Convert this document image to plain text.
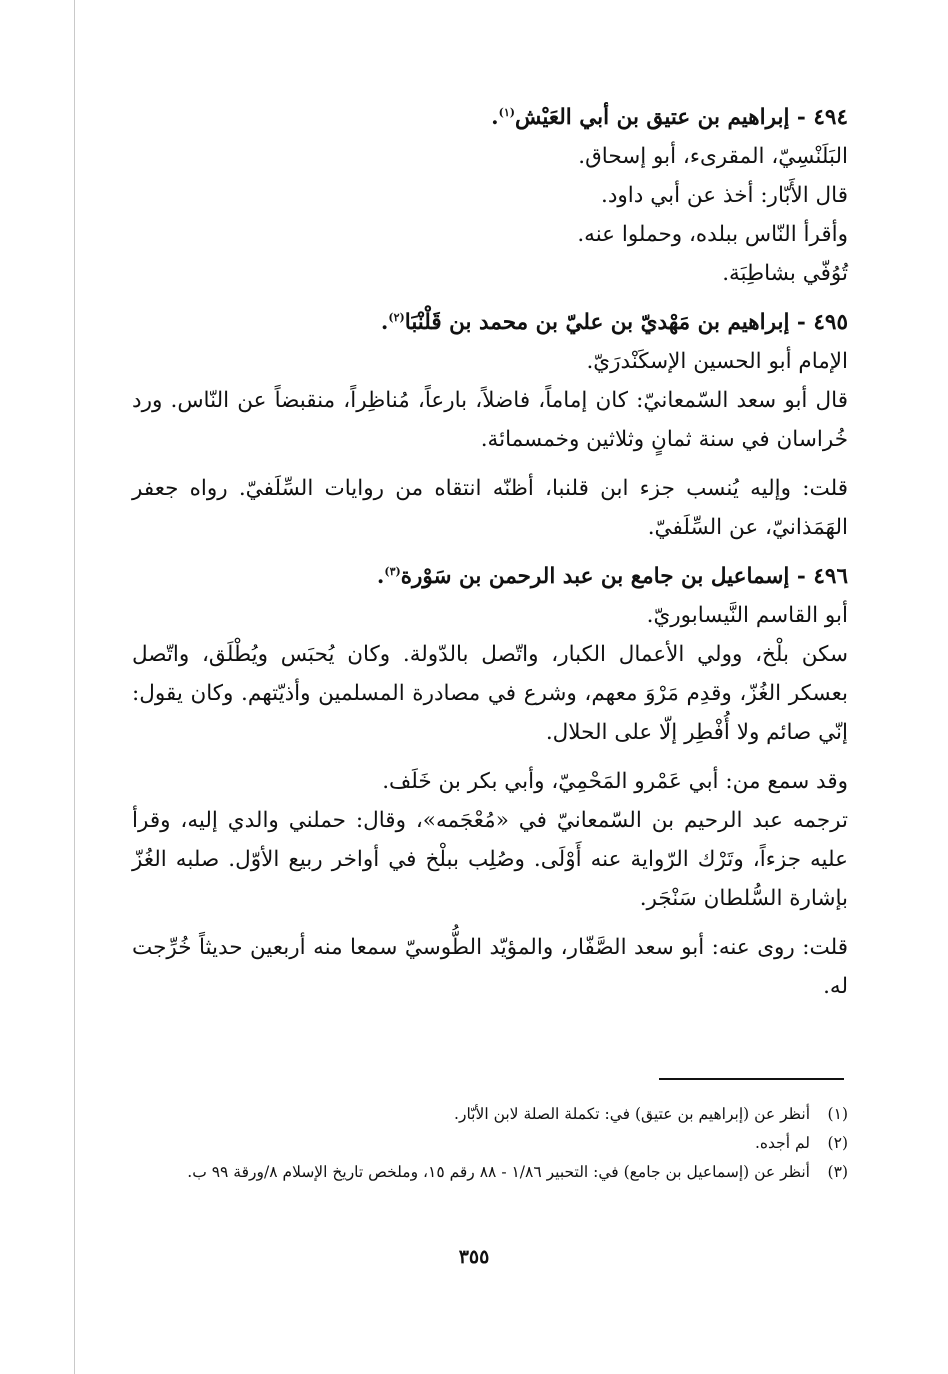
٤٩٤ - إبراهيم بن عتيق بن أبي العَيْش$^{(١)}$.

البَلَنْسِيّ، المقرىء، أبو إسحاق.

قال الأَبّار: أخذ عن أبي داود.

وأقرأ النّاس ببلده، وحملوا عنه.

تُوُفّي بشاطِبَة.

٤٩٥ - إبراهيم بن مَهْديّ بن عليّ بن محمد بن قَلْنْبَا$^{(٢)}$.

الإمام أبو الحسين الإسكَنْدرَيّ.

قال أبو سعد السّمعانيّ: كان إماماً، فاضلاً، بارعاً، مُناظِراً، منقبضاً عن النّاس. ورد خُراسان في سنة ثمانٍ وثلاثين وخمسمائة.

قلت: وإليه يُنسب جزء ابن قلنبا، أظنّه انتقاه من روايات السِّلَفيّ. رواه جعفر الهَمَذانيّ، عن السِّلَفيّ.

٤٩٦ - إسماعيل بن جامع بن عبد الرحمن بن سَوْرة$^{(٣)}$.

أبو القاسم النَّيسابوريّ.

سكن بلْخ، وولي الأعمال الكبار، واتّصل بالدّولة. وكان يُحبَس ويُطْلَق، واتّصل بعسكر الغُزّ، وقدِم مَرْوَ معهم، وشرع في مصادرة المسلمين وأذيّتهم. وكان يقول: إنّي صائم ولا أُفْطِر إلّا على الحلال.

وقد سمع من: أبي عَمْرو المَحْمِيّ، وأبي بكر بن خَلَف.

ترجمه عبد الرحيم بن السّمعانيّ في «مُعْجَمه»، وقال: حملني والدي إليه، وقرأ عليه جزءاً، وتَرْك الرّواية عنه أَوْلَى. وصُلِب ببلْخ في أواخر ربيع الأوّل. صلبه الغُزّ بإشارة السُّلطان سَنْجَر.

قلت: روى عنه: أبو سعد الصَّفّار، والمؤيّد الطُّوسيّ سمعا منه أربعين حديثاً خُرِّجت له.

(١)
أنظر عن (إبراهيم بن عتيق) في: تكملة الصلة لابن الأبّار.
(٢)
لم أجده.
(٣)
أنظر عن (إسماعيل بن جامع) في: التحبير ١/٨٦ - ٨٨ رقم ١٥، وملخص تاريخ الإسلام ٨/ورقة ٩٩ ب.
٣٥٥
